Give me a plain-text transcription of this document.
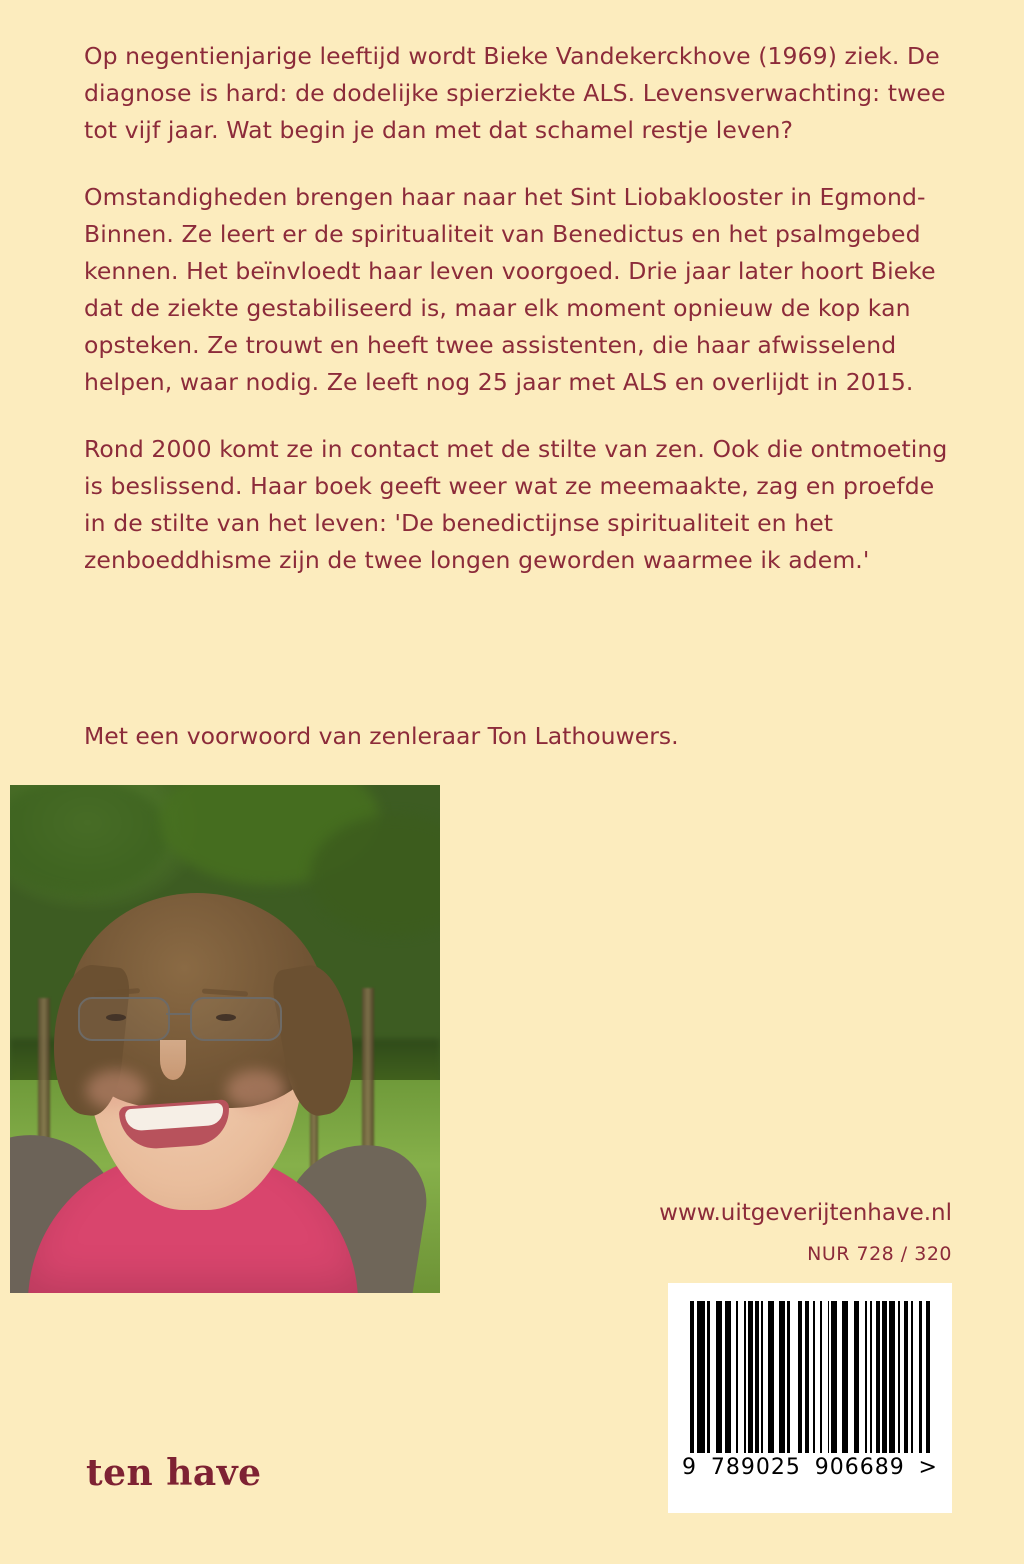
Op negentienjarige leeftijd wordt Bieke Vandekerckhove (1969) ziek. De diagnose is hard: de dodelijke spierziekte ALS. Levensverwachting: twee tot vijf jaar. Wat begin je dan met dat schamel restje leven?

Omstandigheden brengen haar naar het Sint Liobaklooster in Egmond-Binnen. Ze leert er de spiritualiteit van Benedictus en het psalmgebed kennen. Het beïnvloedt haar leven voorgoed. Drie jaar later hoort Bieke dat de ziekte gestabiliseerd is, maar elk moment opnieuw de kop kan opsteken. Ze trouwt en heeft twee assistenten, die haar afwisselend helpen, waar nodig. Ze leeft nog 25 jaar met ALS en overlijdt in 2015.

Rond 2000 komt ze in contact met de stilte van zen. Ook die ontmoeting is beslissend. Haar boek geeft weer wat ze meemaakte, zag en proefde in de stilte van het leven: 'De benedictijnse spiritualiteit en het zenboeddhisme zijn de twee longen geworden waarmee ik adem.'

Met een voorwoord van zenleraar Ton Lathouwers.
www.uitgeverijtenhave.nl
NUR 728 / 320
9 789025 906689 >
ten have
